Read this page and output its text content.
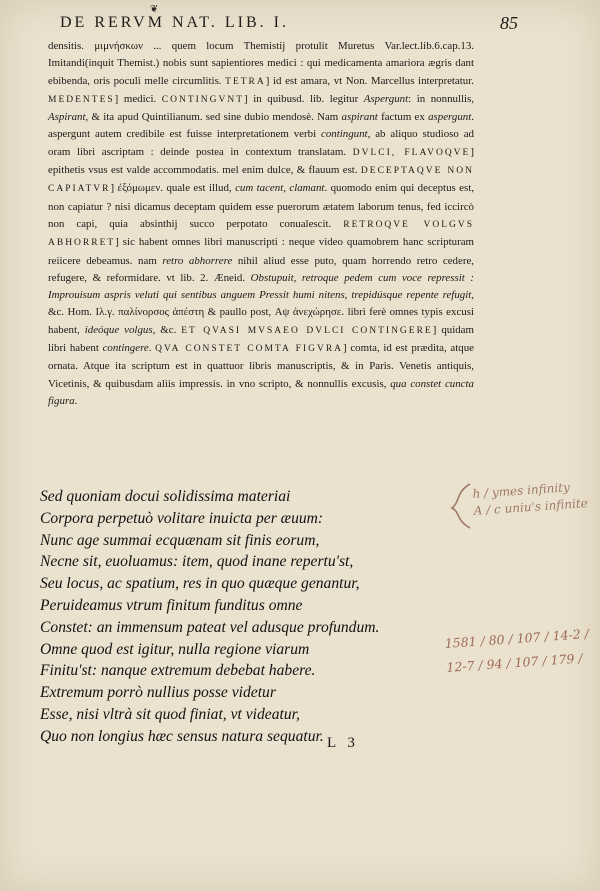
❦
DE RERVM NAT. LIB. I.	85

densitis. μιμνήσκων ... quem locum Themistij protulit Muretus Var.lect.lib.6.cap.13. Imitandi(inquit Themist.) nobis sunt sapientiores medici : qui medicamenta amariora ægris dant ebibenda, oris poculi melle circumlitis. TETRA] id est amara, vt Non. Marcellus interpretatur. MEDENTES] medici. CONTINGVNT] in quibusd. lib. legitur Aspergunt: in nonnullis, Aspirant, & ita apud Quintilianum. sed sine dubio mendosè. Nam aspirant factum ex aspergunt. aspergunt autem credibile est fuisse interpretationem verbi contingunt, ab aliquo studioso ad oram libri ascriptam : deinde postea in contextum translatam. DVLCI, FLAVOQVE] epithetis vsus est valde accommodatis. mel enim dulce, & flauum est. DECEPTAQVE NON CAPIATVR] ἐξόμωμεν. quale est illud, cum tacent, clamant. quomodo enim qui deceptus est, non capiatur ? nisi dicamus deceptam quidem esse puerorum ætatem laborum tenus, fed iccircò non capi, quia absinthij succo perpotato conualescit. RETROQVE VOLGVS ABHORRET] sic habent omnes libri manuscripti : neque video quamobrem hanc scripturam reiicere debeamus. nam retro abhorrere nihil aliud esse puto, quam horrendo retro cedere, refugere, & reformidare. vt lib. 2. Æneid. Obstupuit, retroque pedem cum voce repressit : Improuisum aspris veluti qui sentibus anguem Pressit humi nitens, trepidúsque repente refugit, &c. Hom. Ιλ.γ. παλίνορσος ἀπέστη & paullo post, Αψ ἀνεχώρησε. libri ferè omnes typis excusi habent, ideóque volgus, &c. ET QVASI MVSAEO DVLCI CONTINGERE] quidam libri habent contingere. QVA CONSTET COMTA FIGVRA] comta, id est prædita, atque ornata. Atque ita scriptum est in quattuor libris manuscriptis, & in Paris. Venetis antiquis, Vicetinis, & quibusdam aliis impressis. in vno scripto, & nonnullis excusis, qua constet cuncta figura.

Sed quoniam docui solidissima materiai
Corpora perpetuò volitare inuicta per æuum:
Nunc age summai ecquænam sit finis eorum,
Necne sit, euoluamus: item, quod inane repertu'st,
Seu locus, ac spatium, res in quo quæque genantur,
Peruideamus vtrum finitum funditus omne
Constet: an immensum pateat vel adusque profundum.
Omne quod est igitur, nulla regione viarum
Finitu'st: nanque extremum debebat habere.
Extremum porrò nullius posse videtur
Esse, nisi vltrà sit quod finiat, vt videatur,
Quo non longius hæc sensus natura sequatur.
h / ymes infinity
A / c uniu's infinite
1581 / 80 / 107 / 14-2 /
12-7 / 94 / 107 / 179 /
L 3
